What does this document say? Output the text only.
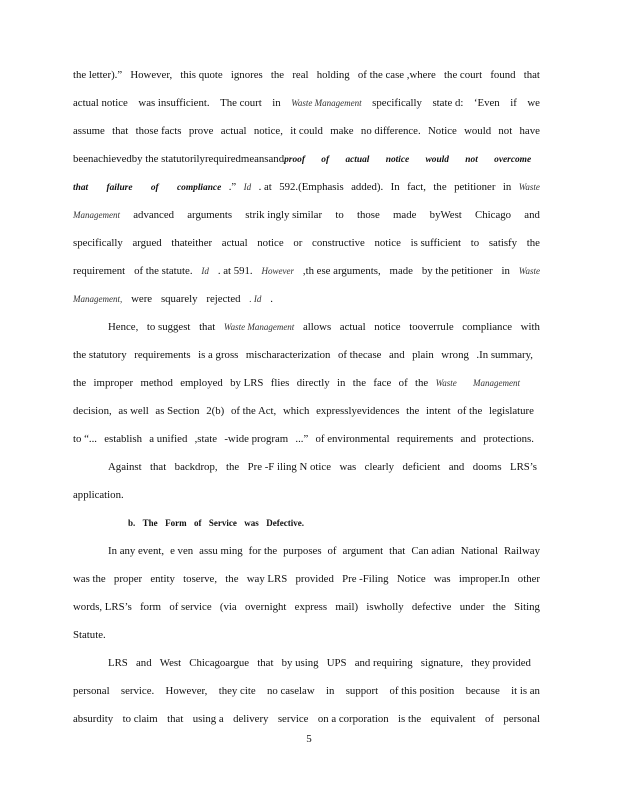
the letter).” However, this quote ignores the real holding of the case ,where the court found that
actual notice was insufficient. The court in Waste Management specifically state d: ‘Even if we
assume that those facts prove actual notice, it could make no difference. Notice would not have
been achieved by the statutorily required means and proof of actual notice would not overcome
that failure of compliance .” Id . at 592.(Emphasis added). In fact, the petitioner in Waste
Management advanced arguments strik ingly similar to those made byWest Chicago and
specifically argued thateither actual notice or constructive notice is sufficient to satisfy the
requirement of the statute. Id . at 591. However ,th ese arguments, made by the petitioner in Waste
Management, were squarely rejected . Id .
Hence, to suggest that Waste Management allows actual notice tooverrule compliance with
the statutory requirements is a gross mischaracterization of thecase and plain wrong .In summary,
the improper method employed by LRS flies directly in the face of the Waste Management
decision, as well as Section 2(b) of the Act, which expresslyevidences the intent of the legislature
to “... establish a unified ,state -wide program ...” of environmental requirements and protections.
Against that backdrop, the Pre -F iling N otice was clearly deficient and dooms LRS’s
application.
b. The Form of Service was Defective.
In any event, e ven assu ming for the purposes of argument that Can adian National Railway
was the proper entity toserve, the way LRS provided Pre -Filing Notice was improper.In other
words, LRS’s form of service (via overnight express mail) iswholly defective under the Siting
Statute.
LRS and West Chicagoargue that by using UPS and requiring signature, they provided
personal service. However, they cite no caselaw in support of this position because it is an
absurdity to claim that using a delivery service on a corporation is the equivalent of personal
5
